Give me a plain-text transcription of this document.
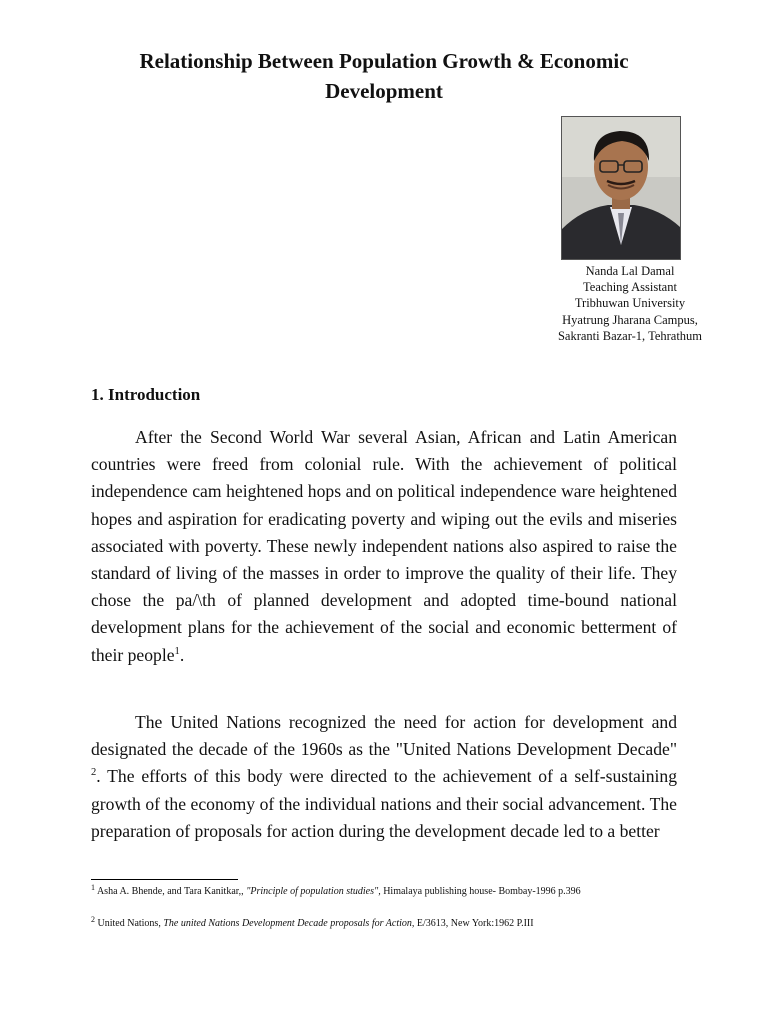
Relationship Between Population Growth & Economic Development
Nanda Lal Damal
Teaching Assistant
Tribhuwan University
Hyatrung Jharana Campus,
Sakranti Bazar-1, Tehrathum
1. Introduction

After the Second World War several Asian, African and Latin American countries were freed from colonial rule. With the achievement of political independence cam heightened hops and on political independence ware heightened hopes and aspiration for eradicating poverty and wiping out the evils and miseries associated with poverty. These newly independent nations also aspired to raise the standard of living of the masses in order to improve the quality of their life. They chose the pa/\th of planned development and adopted time-bound national development plans for the achievement of the social and economic betterment of their people$^1$.

The United Nations recognized the need for action for development and designated the decade of the 1960s as the "United Nations Development Decade" $^2$. The efforts of this body were directed to the achievement of a self-sustaining growth of the economy of the individual nations and their social advancement. The preparation of proposals for action during the development decade led to a better

$^1$ Asha A. Bhende, and Tara Kanitkar,, "Principle of population studies", Himalaya publishing house- Bombay-1996 p.396
$^2$ United Nations, The united Nations Development Decade proposals for Action, E/3613, New York:1962 P.III
